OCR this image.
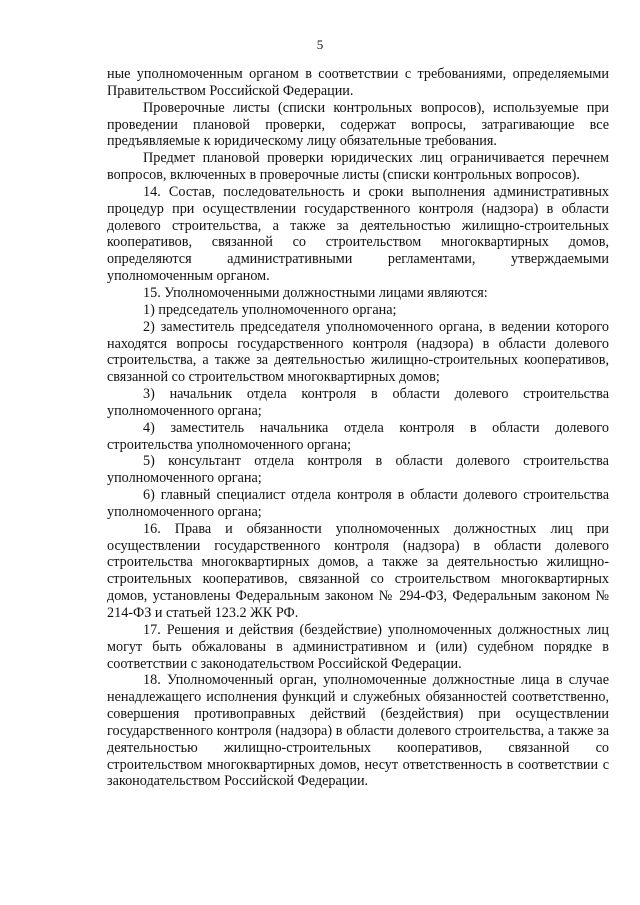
5

ные уполномоченным органом в соответствии с требованиями, определяемыми Правительством Российской Федерации.

Проверочные листы (списки контрольных вопросов), используемые при проведении плановой проверки, содержат вопросы, затрагивающие все предъявляемые к юридическому лицу обязательные требования.

Предмет плановой проверки юридических лиц ограничивается перечнем вопросов, включенных в проверочные листы (списки контрольных вопросов).

14. Состав, последовательность и сроки выполнения административных процедур при осуществлении государственного контроля (надзора) в области долевого строительства, а также за деятельностью жилищно-строительных кооперативов, связанной со строительством многоквартирных домов, определяются административными регламентами, утверждаемыми уполномоченным органом.

15. Уполномоченными должностными лицами являются:

1) председатель уполномоченного органа;

2) заместитель председателя уполномоченного органа, в ведении которого находятся вопросы государственного контроля (надзора) в области долевого строительства, а также за деятельностью жилищно-строительных кооперативов, связанной со строительством многоквартирных домов;

3) начальник отдела контроля в области долевого строительства уполномоченного органа;

4) заместитель начальника отдела контроля в области долевого строительства уполномоченного органа;

5) консультант отдела контроля в области долевого строительства уполномоченного органа;

6) главный специалист отдела контроля в области долевого строительства уполномоченного органа;

16. Права и обязанности уполномоченных должностных лиц при осуществлении государственного контроля (надзора) в области долевого строительства многоквартирных домов, а также за деятельностью жилищно-строительных кооперативов, связанной со строительством многоквартирных домов, установлены Федеральным законом № 294-ФЗ, Федеральным законом № 214-ФЗ и статьей 123.2 ЖК РФ.

17. Решения и действия (бездействие) уполномоченных должностных лиц могут быть обжалованы в административном и (или) судебном порядке в соответствии с законодательством Российской Федерации.

18. Уполномоченный орган, уполномоченные должностные лица в случае ненадлежащего исполнения функций и служебных обязанностей соответственно, совершения противоправных действий (бездействия) при осуществлении государственного контроля (надзора) в области долевого строительства, а также за деятельностью жилищно-строительных кооперативов, связанной со строительством многоквартирных домов, несут ответственность в соответствии с законодательством Российской Федерации.
